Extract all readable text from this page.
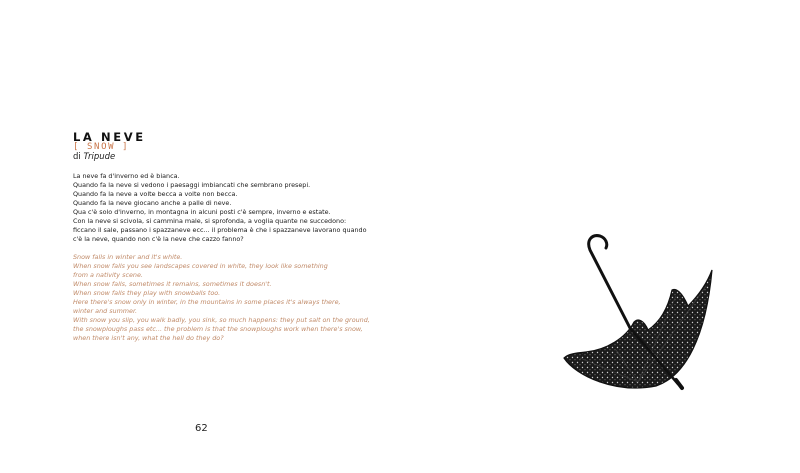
LA NEVE
[ SNOW ]
di Tripude
La neve fa d'inverno ed è bianca.
Quando fa la neve si vedono i paesaggi imbiancati che sembrano presepi.
Quando fa la neve a volte becca a volte non becca.
Quando fa la neve giocano anche a palle di neve.
Qua c'è solo d'inverno, in montagna in alcuni posti c'è sempre, inverno e estate.
Con la neve si scivola, si cammina male, si sprofonda, a voglia quante ne succedono:
ficcano il sale, passano i spazzaneve ecc... il problema è che i spazzaneve lavorano quando
c'è la neve, quando non c'è la neve che cazzo fanno?
Snow falls in winter and it's white.
When snow falls you see landscapes covered in white, they look like something
from a nativity scene.
When snow falls, sometimes it remains, sometimes it doesn't.
When snow falls they play with snowballs too.
Here there's snow only in winter, in the mountains in some places it's always there,
winter and summer.
With snow you slip, you walk badly, you sink, so much happens: they put salt on the ground,
the snowploughs pass etc... the problem is that the snowploughs work when there's snow,
when there isn't any, what the hell do they do?
62
